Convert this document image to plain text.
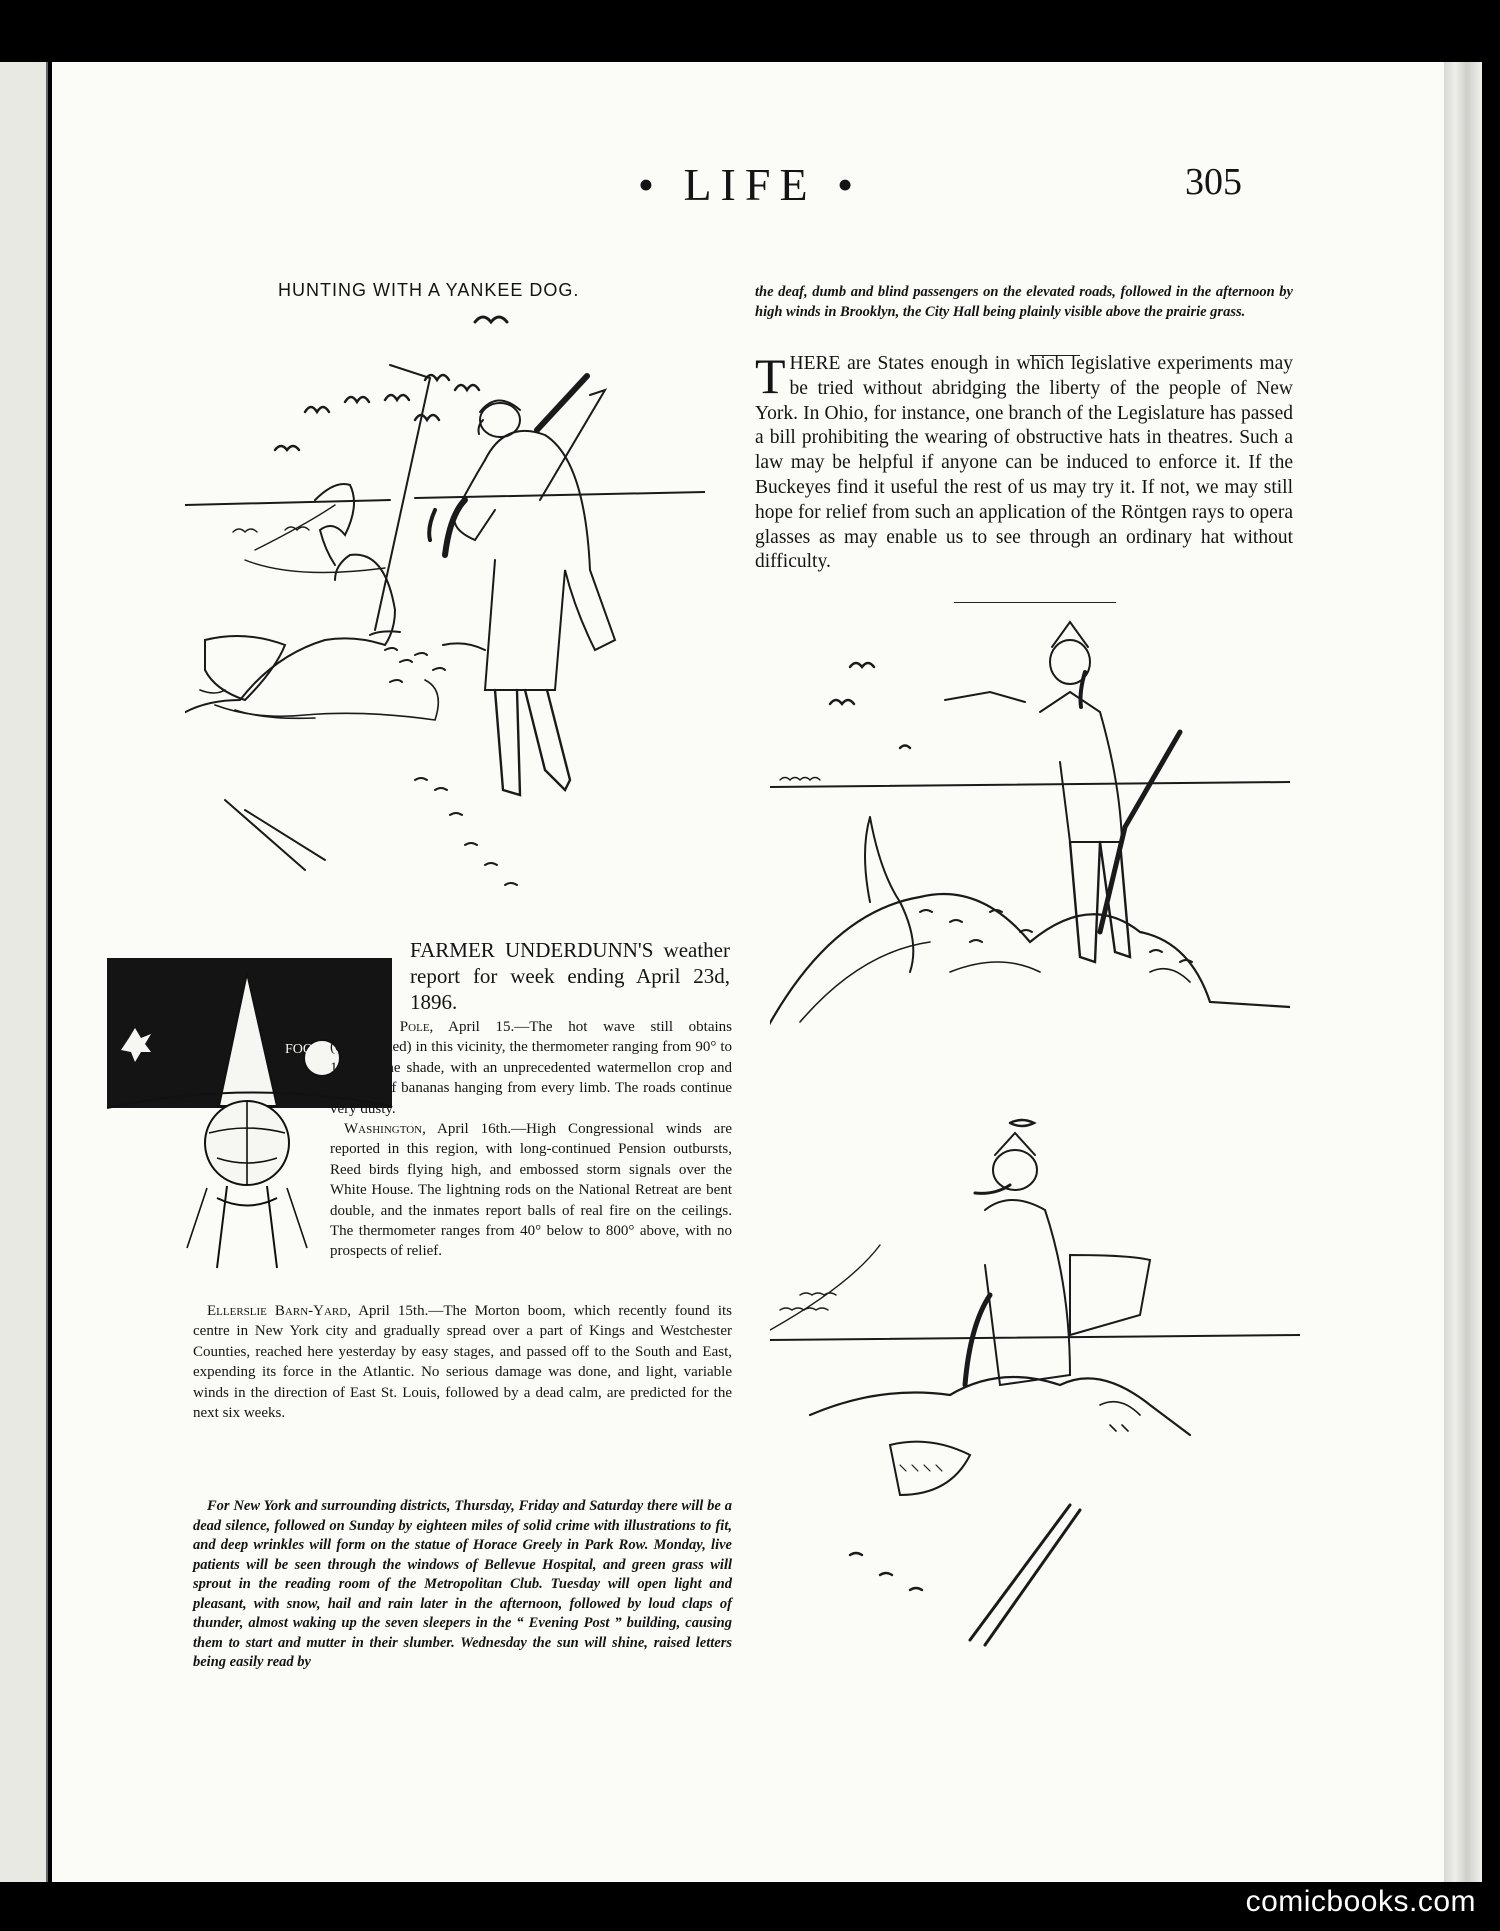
• LIFE •	305
HUNTING WITH A YANKEE DOG.
FOOL
the deaf, dumb and blind passengers on the elevated roads, followed in the afternoon by high winds in Brooklyn, the City Hall being plainly visible above the prairie grass.

THERE are States enough in which legislative experiments may be tried without abridging the liberty of the people of New York. In Ohio, for instance, one branch of the Legislature has passed a bill prohibiting the wearing of obstructive hats in theatres. Such a law may be helpful if anyone can be induced to enforce it. If the Buckeyes find it useful the rest of us may try it. If not, we may still hope for relief from such an application of the Röntgen rays to opera glasses as may enable us to see through an ordinary hat without difficulty.

FARMER UNDERDUNN'S weather report for week ending April 23d, 1896.

North Pole, April 15.—The hot wave still obtains (copyrighted) in this vicinity, the thermometer ranging from 90° to 104° in the shade, with an unprecedented watermellon crop and bunches of bananas hanging from every limb. The roads continue very dusty.

Washington, April 16th.—High Congressional winds are reported in this region, with long-continued Pension outbursts, Reed birds flying high, and embossed storm signals over the White House. The lightning rods on the National Retreat are bent double, and the inmates report balls of real fire on the ceilings. The thermometer ranges from 40° below to 800° above, with no prospects of relief.

Ellerslie Barn-Yard, April 15th.—The Morton boom, which recently found its centre in New York city and gradually spread over a part of Kings and Westchester Counties, reached here yesterday by easy stages, and passed off to the South and East, expending its force in the Atlantic. No serious damage was done, and light, variable winds in the direction of East St. Louis, followed by a dead calm, are predicted for the next six weeks.

For New York and surrounding districts, Thursday, Friday and Saturday there will be a dead silence, followed on Sunday by eighteen miles of solid crime with illustrations to fit, and deep wrinkles will form on the statue of Horace Greely in Park Row. Monday, live patients will be seen through the windows of Bellevue Hospital, and green grass will sprout in the reading room of the Metropolitan Club. Tuesday will open light and pleasant, with snow, hail and rain later in the afternoon, followed by loud claps of thunder, almost waking up the seven sleepers in the “ Evening Post ” building, causing them to start and mutter in their slumber. Wednesday the sun will shine, raised letters being easily read by
comicbooks.com
